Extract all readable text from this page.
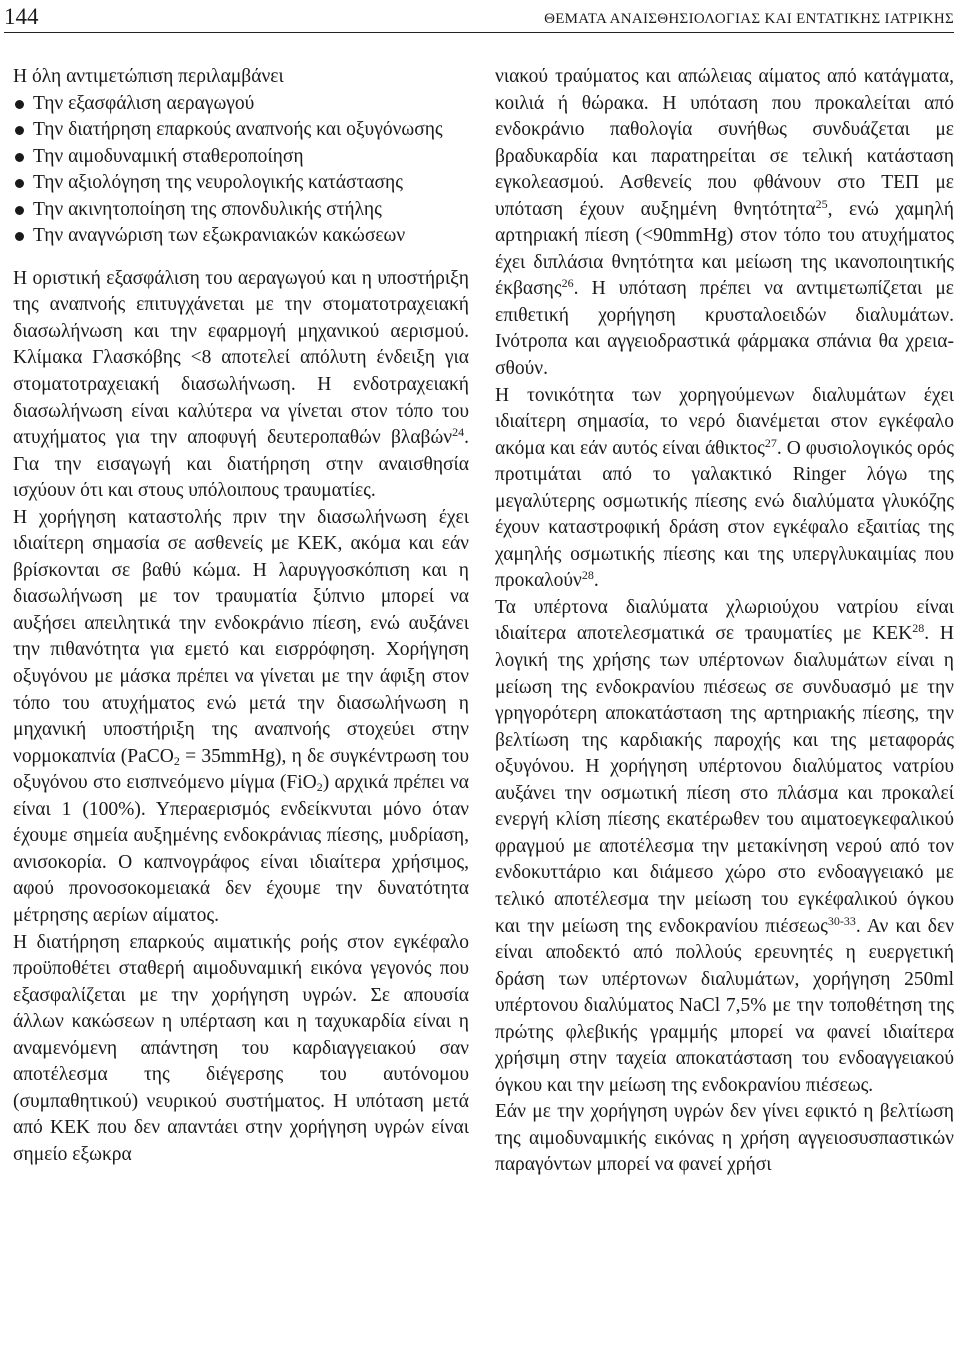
144	ΘΕΜΑΤΑ ΑΝΑΙΣΘΗΣΙΟΛΟΓΙΑΣ ΚΑΙ ΕΝΤΑΤΙΚΗΣ ΙΑΤΡΙΚΗΣ

Η όλη αντιμετώπιση περιλαμβάνει

Την εξασφάλιση αεραγωγού
Την διατήρηση επαρκούς αναπνοής και οξυγόνωσης
Την αιμοδυναμική σταθεροποίηση
Την αξιολόγηση της νευρολογικής κατάστασης
Την ακινητοποίηση της σπονδυλικής στήλης
Την αναγνώριση των εξωκρανιακών κακώσεων

Η οριστική εξασφάλιση του αεραγωγού και η υποστήριξη της αναπνοής επιτυγχάνεται με την στοματοτραχειακή διασωλήνωση και την εφαρμογή μηχανικού αερισμού. Κλίμακα Γλασκόβης <8 αποτελεί απόλυτη ένδειξη για στοματοτραχειακή διασωλήνωση. Η ενδοτραχειακή διασωλήνωση είναι καλύτερα να γίνεται στον τόπο του ατυχήματος για την αποφυγή δευτεροπαθών βλαβών$^{24}$. Για την εισαγωγή και διατήρηση στην αναισθησία ισχύουν ότι και στους υπόλοιπους τραυματίες.

Η χορήγηση καταστολής πριν την διασωλήνωση έχει ιδιαίτερη σημασία σε ασθενείς με ΚΕΚ, ακόμα και εάν βρίσκονται σε βαθύ κώμα. Η λαρυγγοσκόπιση και η διασωλήνωση με τον τραυματία ξύπνιο μπορεί να αυξήσει απειλητικά την ενδοκράνιο πίεση, ενώ αυξάνει την πιθανότητα για εμετό και εισρρόφηση. Χορήγηση οξυγόνου με μάσκα πρέπει να γίνεται με την άφιξη στον τόπο του ατυχήματος ενώ μετά την διασωλήνωση η μηχανική υποστήριξη της αναπνοής στοχεύει στην νορμοκαπνία (PaCO$_2$ = 35mmHg), η δε συγκέντρωση του οξυγόνου στο εισπνεόμενο μίγμα (FiO$_2$) αρχικά πρέπει να είναι 1 (100%). Υπεραερισμός ενδείκνυται μόνο όταν έχουμε σημεία αυξημένης ενδοκράνιας πίεσης, μυδρίαση, ανισοκορία. Ο καπνογράφος είναι ιδιαίτερα χρήσιμος, αφού προνοσοκομειακά δεν έχουμε την δυνατότητα μέτρησης αερίων αίματος.

Η διατήρηση επαρκούς αιματικής ροής στον εγκέφαλο προϋποθέτει σταθερή αιμοδυναμική εικόνα γεγονός που εξασφαλίζεται με την χορήγηση υγρών. Σε απουσία άλλων κακώσεων η υπέρταση και η ταχυκαρδία είναι η αναμενόμενη απάντηση του καρδιαγγειακού σαν αποτέλεσμα της διέγερσης του αυτόνομου (συμπαθητικού) νευρικού συστήματος. Η υπόταση μετά από ΚΕΚ που δεν απαντάει στην χορήγηση υγρών είναι σημείο εξωκρα

νιακού τραύματος και απώλειας αίματος από κατάγματα, κοιλιά ή θώρακα. Η υπόταση που προκαλείται από ενδοκράνιο παθολογία συνήθως συνδυάζεται με βραδυκαρδία και παρατηρείται σε τελική κατάσταση εγκολεασμού. Ασθενείς που φθάνουν στο ΤΕΠ με υπόταση έχουν αυξημένη θνητότητα$^{25}$, ενώ χαμηλή αρτηριακή πίεση (<90mmHg) στον τόπο του ατυχήματος έχει διπλάσια θνητότητα και μείωση της ικανοποιητικής έκβασης$^{26}$. Η υπόταση πρέπει να αντιμετωπίζεται με επιθετική χορήγηση κρυσταλοειδών διαλυμάτων. Ινότροπα και αγγειοδραστικά φάρμακα σπάνια θα χρειασθούν.

Η τονικότητα των χορηγούμενων διαλυμάτων έχει ιδιαίτερη σημασία, το νερό διανέμεται στον εγκέφαλο ακόμα και εάν αυτός είναι άθικτος$^{27}$. Ο φυσιολογικός ορός προτιμάται από το γαλακτικό Ringer λόγω της μεγαλύτερης οσμωτικής πίεσης ενώ διαλύματα γλυκόζης έχουν καταστροφική δράση στον εγκέφαλο εξαιτίας της χαμηλής οσμωτικής πίεσης και της υπεργλυκαιμίας που προκαλούν$^{28}$.

Τα υπέρτονα διαλύματα χλωριούχου νατρίου είναι ιδιαίτερα αποτελεσματικά σε τραυματίες με ΚΕΚ$^{28}$. Η λογική της χρήσης των υπέρτονων διαλυμάτων είναι η μείωση της ενδοκρανίου πιέσεως σε συνδυασμό με την γρηγορότερη αποκατάσταση της αρτηριακής πίεσης, την βελτίωση της καρδιακής παροχής και της μεταφοράς οξυγόνου. Η χορήγηση υπέρτονου διαλύματος νατρίου αυξάνει την οσμωτική πίεση στο πλάσμα και προκαλεί ενεργή κλίση πίεσης εκατέρωθεν του αιματοεγκεφαλικού φραγμού με αποτέλεσμα την μετακίνηση νερού από τον ενδοκυττάριο και διάμεσο χώρο στο ενδοαγγειακό με τελικό αποτέλεσμα την μείωση του εγκέφαλικού όγκου και την μείωση της ενδοκρανίου πιέσεως$^{30-33}$. Αν και δεν είναι αποδεκτό από πολλούς ερευνητές η ευεργετική δράση των υπέρτονων διαλυμάτων, χορήγηση 250ml υπέρτονου διαλύματος NaCl 7,5% με την τοποθέτηση της πρώτης φλεβικής γραμμής μπορεί να φανεί ιδιαίτερα χρήσιμη στην ταχεία αποκατάσταση του ενδοαγγειακού όγκου και την μείωση της ενδοκρανίου πιέσεως.

Εάν με την χορήγηση υγρών δεν γίνει εφικτό η βελτίωση της αιμοδυναμικής εικόνας η χρήση αγγειοσυσπαστικών παραγόντων μπορεί να φανεί χρήσι
